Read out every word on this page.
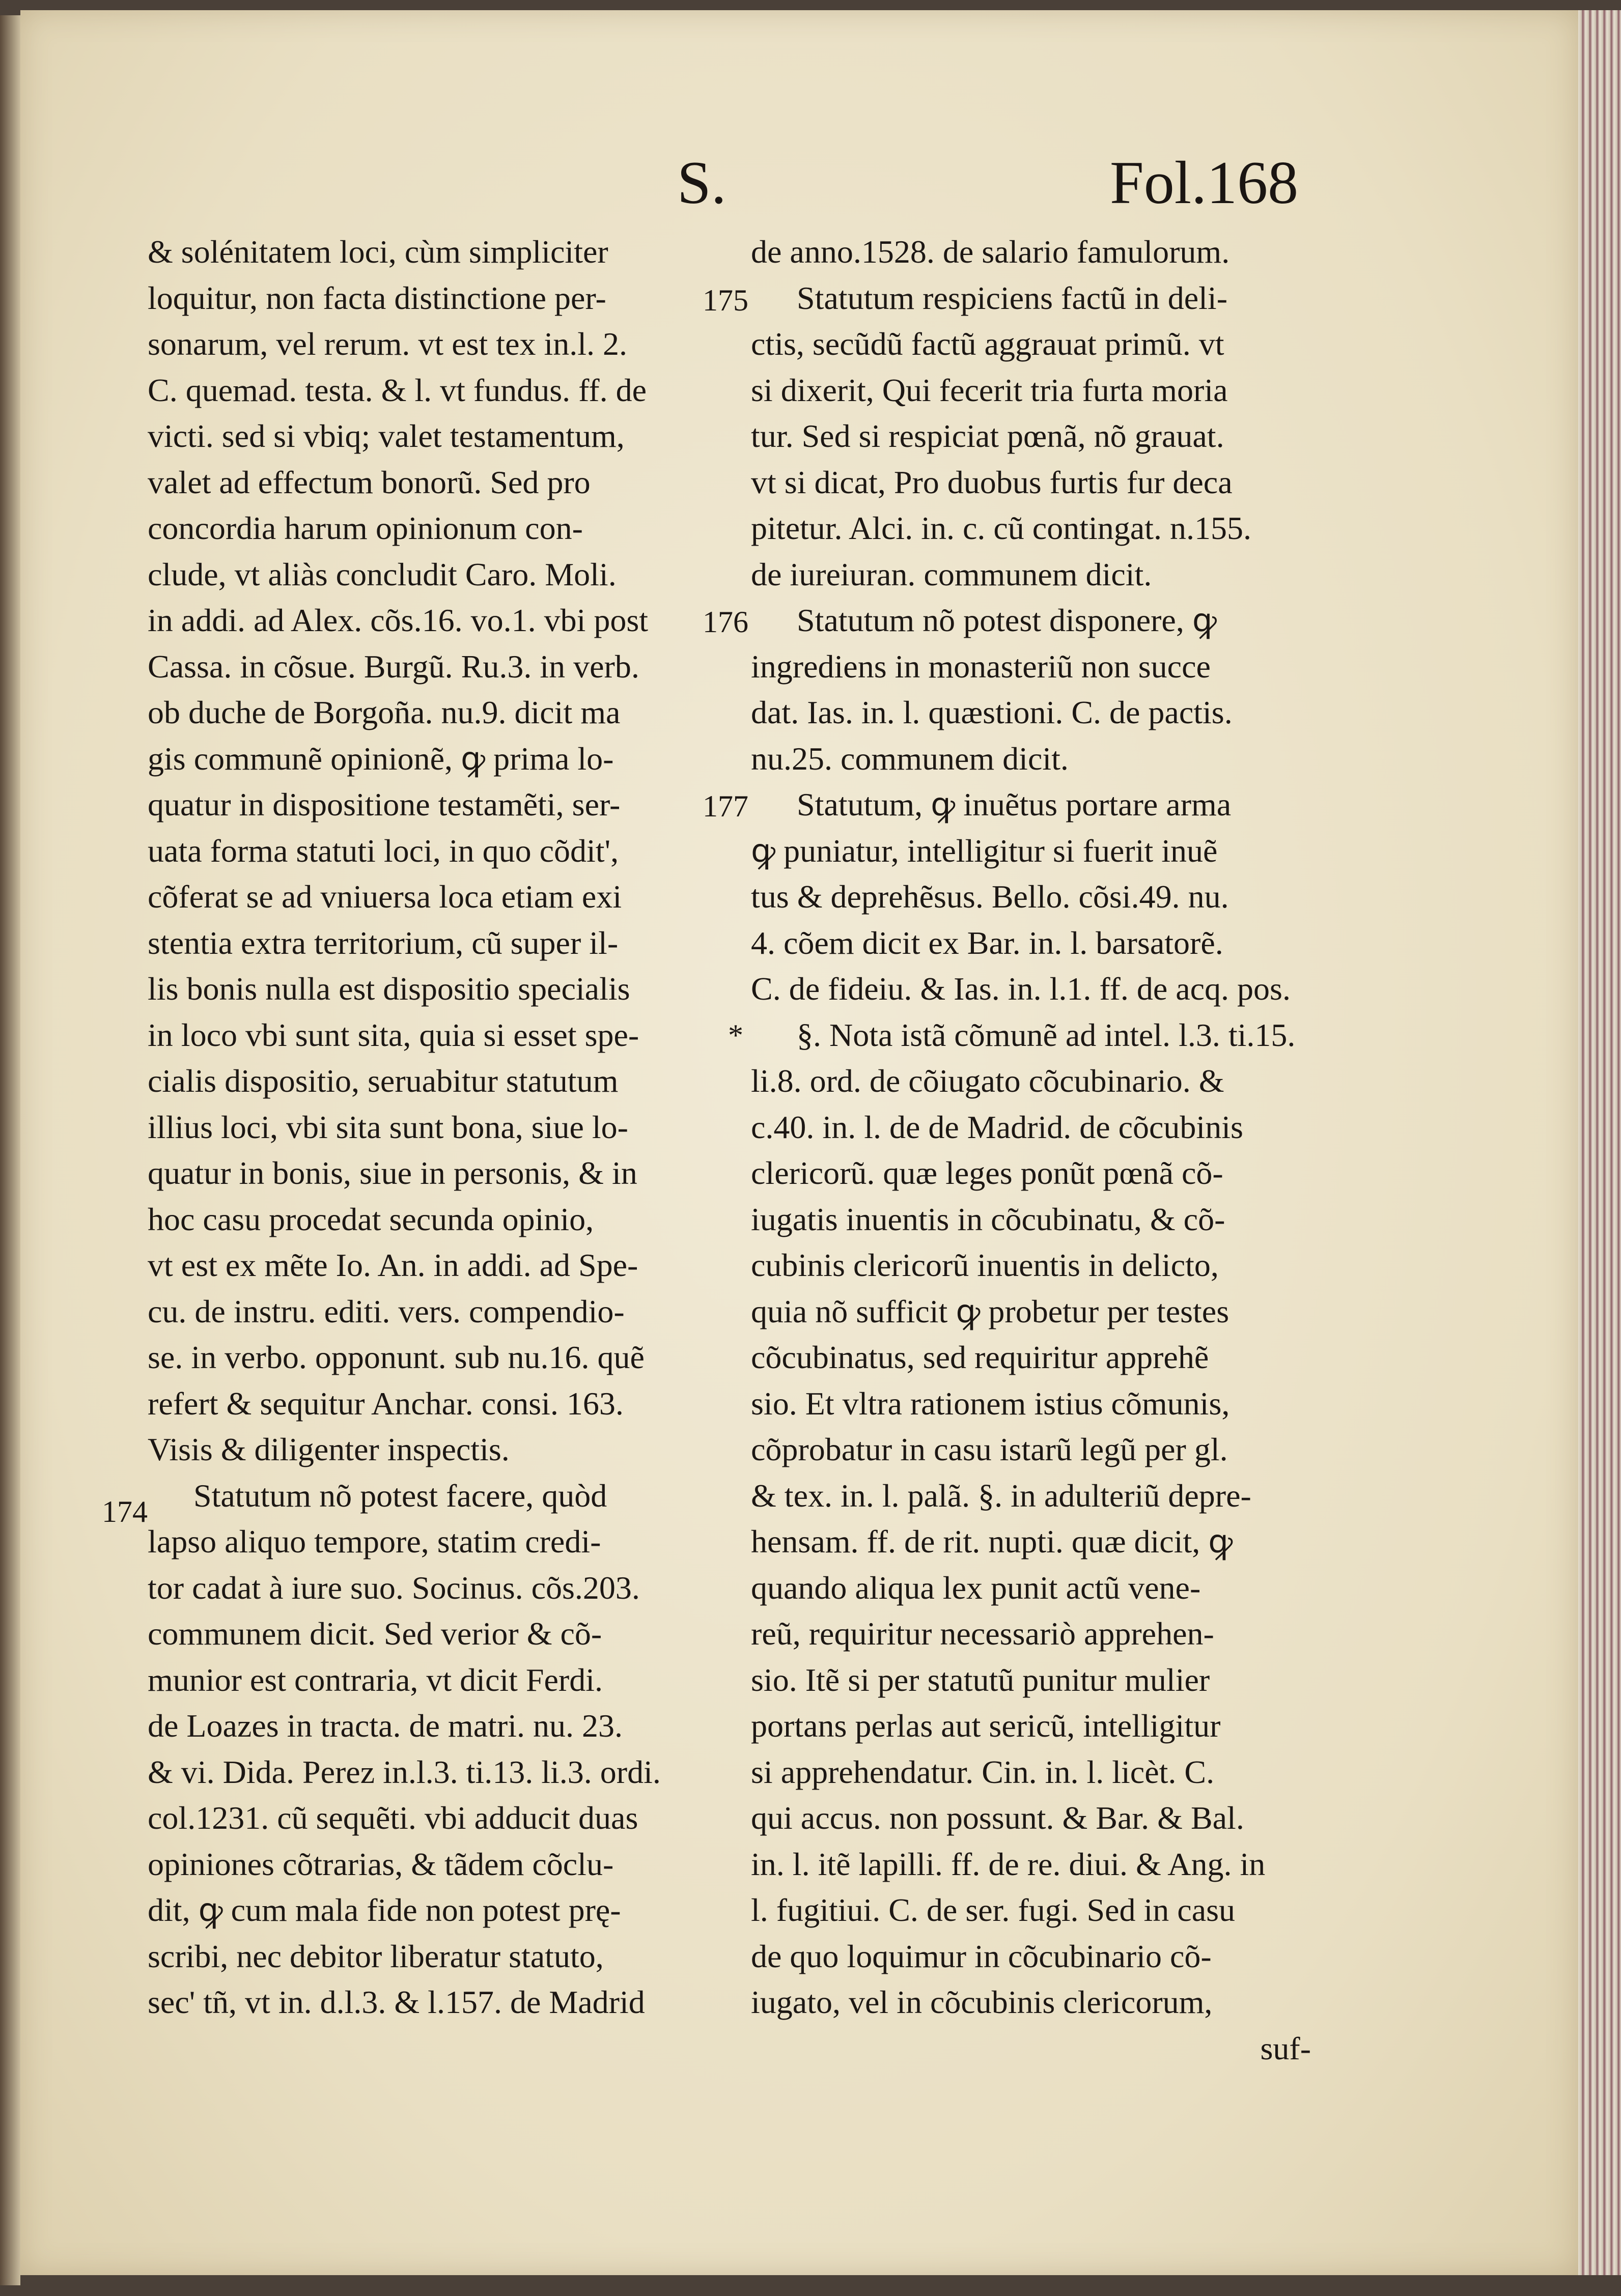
S.	Fol.168
& solénitatem loci, cùm simpliciter
loquitur, non facta distinctione per-
sonarum, vel rerum. vt est tex in.l. 2.
C. quemad. testa. & l. vt fundus. ff. de
victi. sed si vbiq; valet testamentum,
valet ad effectum bonorũ. Sed pro
concordia harum opinionum con-
clude, vt aliàs concludit Caro. Moli.
in addi. ad Alex. cõs.16. vo.1. vbi post
Cassa. in cõsue. Burgũ. Ru.3. in verb.
ob duche de Borgoña. nu.9. dicit ma
gis communẽ opinionẽ, ꝙ prima lo-
quatur in dispositione testamẽti, ser-
uata forma statuti loci, in quo cõdit',
cõferat se ad vniuersa loca etiam exi
stentia extra territorium, cũ super il-
lis bonis nulla est dispositio specialis
in loco vbi sunt sita, quia si esset spe-
cialis dispositio, seruabitur statutum
illius loci, vbi sita sunt bona, siue lo-
quatur in bonis, siue in personis, & in
hoc casu procedat secunda opinio,
vt est ex mẽte Io. An. in addi. ad Spe-
cu. de instru. editi. vers. compendio-
se. in verbo. opponunt. sub nu.16. quẽ
refert & sequitur Anchar. consi. 163.
Visis & diligenter inspectis.
Statutum nõ potest facere, quòd
lapso aliquo tempore, statim credi-
tor cadat à iure suo. Socinus. cõs.203.
communem dicit. Sed verior & cõ-
munior est contraria, vt dicit Ferdi.
de Loazes in tracta. de matri. nu. 23.
& vi. Dida. Perez in.l.3. ti.13. li.3. ordi.
col.1231. cũ sequẽti. vbi adducit duas
opiniones cõtrarias, & tãdem cõclu-
dit, ꝙ cum mala fide non potest prę-
scribi, nec debitor liberatur statuto,
sec' tñ, vt in. d.l.3. & l.157. de Madrid
de anno.1528. de salario famulorum.
Statutum respiciens factũ in deli-
ctis, secũdũ factũ aggrauat primũ. vt
si dixerit, Qui fecerit tria furta moria
tur. Sed si respiciat pœnã, nõ grauat.
vt si dicat, Pro duobus furtis fur deca
pitetur. Alci. in. c. cũ contingat. n.155.
de iureiuran. communem dicit.
Statutum nõ potest disponere, ꝙ
ingrediens in monasteriũ non succe
dat. Ias. in. l. quæstioni. C. de pactis.
nu.25. communem dicit.
Statutum, ꝙ inuẽtus portare arma
ꝙ puniatur, intelligitur si fuerit inuẽ
tus & deprehẽsus. Bello. cõsi.49. nu.
4. cõem dicit ex Bar. in. l. barsatorẽ.
C. de fideiu. & Ias. in. l.1. ff. de acq. pos.
§. Nota istã cõmunẽ ad intel. l.3. ti.15.
li.8. ord. de cõiugato cõcubinario. &
c.40. in. l. de de Madrid. de cõcubinis
clericorũ. quæ leges ponũt pœnã cõ-
iugatis inuentis in cõcubinatu, & cõ-
cubinis clericorũ inuentis in delicto,
quia nõ sufficit ꝙ probetur per testes
cõcubinatus, sed requiritur apprehẽ
sio. Et vltra rationem istius cõmunis,
cõprobatur in casu istarũ legũ per gl.
& tex. in. l. palã. §. in adulteriũ depre-
hensam. ff. de rit. nupti. quæ dicit, ꝙ
quando aliqua lex punit actũ vene-
reũ, requiritur necessariò apprehen-
sio. Itẽ si per statutũ punitur mulier
portans perlas aut sericũ, intelligitur
si apprehendatur. Cin. in. l. licèt. C.
qui accus. non possunt. & Bar. & Bal.
in. l. itẽ lapilli. ff. de re. diui. & Ang. in
l. fugitiui. C. de ser. fugi. Sed in casu
de quo loquimur in cõcubinario cõ-
iugato, vel in cõcubinis clericorum,
suf-
174
175
176
177
*
